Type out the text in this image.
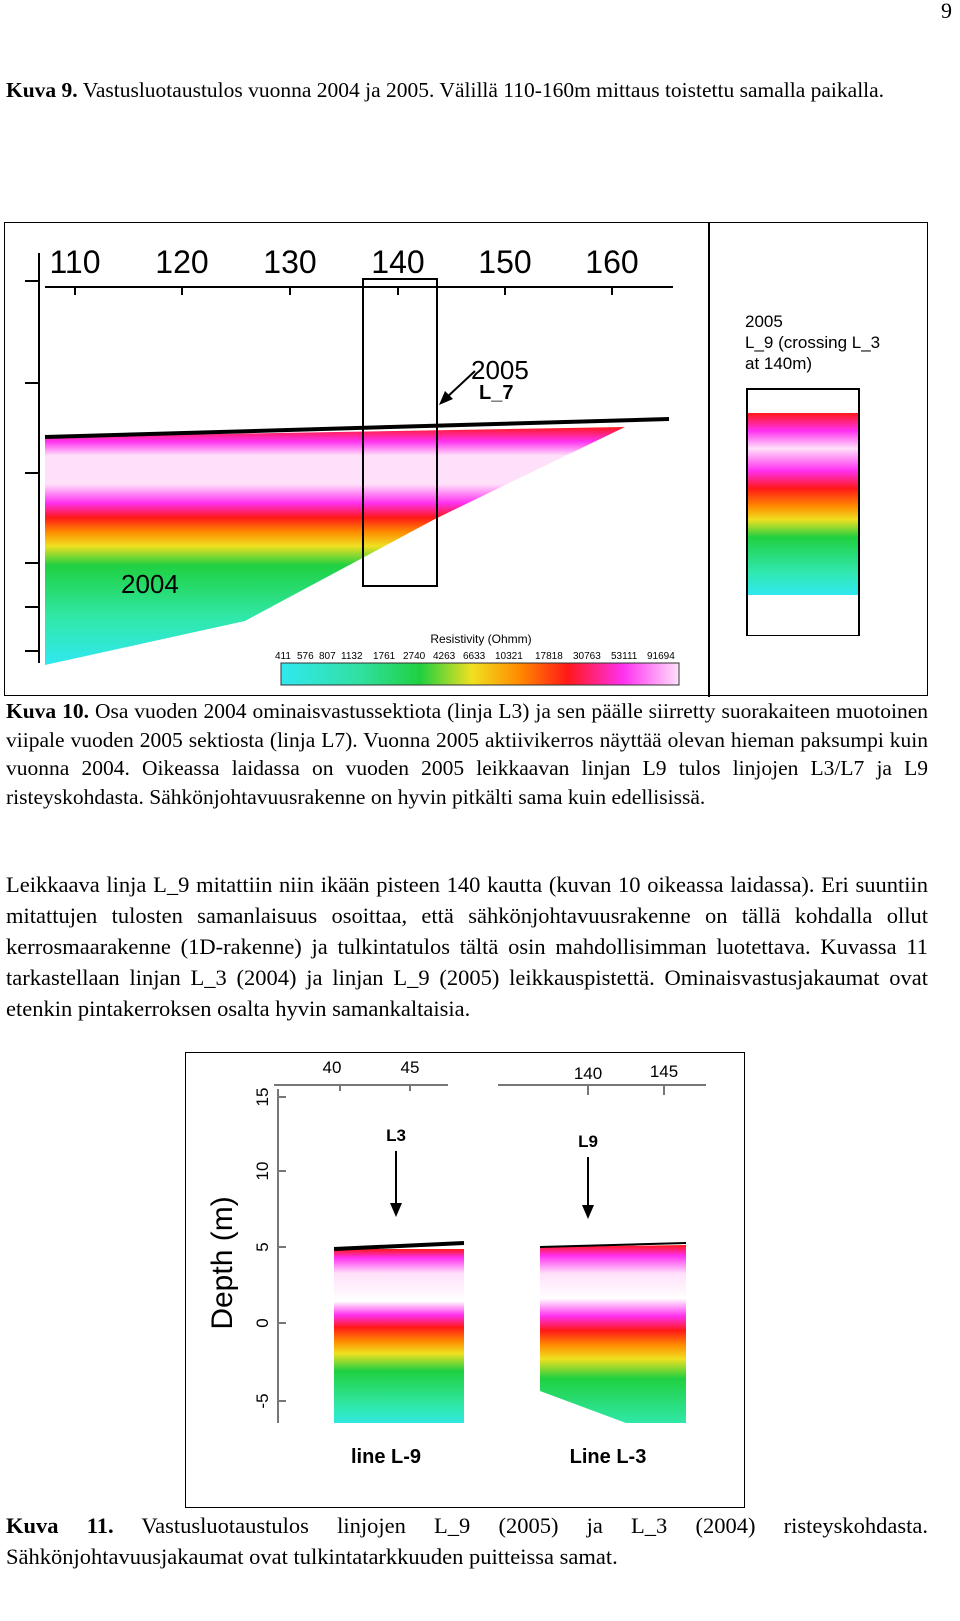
9
Kuva 9. Vastusluotaustulos vuonna 2004 ja 2005. Välillä 110-160m mittaus toistettu samalla paikalla.
110 120 130 140 150 160
2005
L_7
2004
Resistivity (Ohmm)
411 576 807 1132 1761 2740 4263 6633 10321 17818 30763 53111 91694
2005
L_9 (crossing L_3
at 140m)
Kuva 10. Osa vuoden 2004 ominaisvastussektiota (linja L3) ja sen päälle siirretty suorakaiteen muotoinen viipale vuoden 2005 sektiosta (linja L7). Vuonna 2005 aktiivikerros näyttää olevan hieman paksumpi kuin vuonna 2004. Oikeassa laidassa on vuoden 2005 leikkaavan linjan L9 tulos linjojen L3/L7 ja L9 risteyskohdasta. Sähkönjohtavuusrakenne on hyvin pitkälti sama kuin edellisissä.
Leikkaava linja L_9 mitattiin niin ikään pisteen 140 kautta (kuvan 10 oikeassa laidassa). Eri suuntiin mitattujen tulosten samanlaisuus osoittaa, että sähkönjohtavuusrakenne on tällä kohdalla ollut kerrosmaarakenne (1D-rakenne) ja tulkintatulos tältä osin mahdollisimman luotettava. Kuvassa 11 tarkastellaan linjan L_3 (2004) ja linjan L_9 (2005) leikkauspistettä. Ominaisvastusjakaumat ovat etenkin pintakerroksen osalta hyvin samankaltaisia.
40	45	140	145
15
10
5
0
-5
Depth (m)
L3	L9
line L-9	Line L-3
Kuva 11. Vastusluotaustulos linjojen L_9 (2005) ja L_3 (2004) risteyskohdasta. Sähkönjohtavuusjakaumat ovat tulkintatarkkuuden puitteissa samat.
